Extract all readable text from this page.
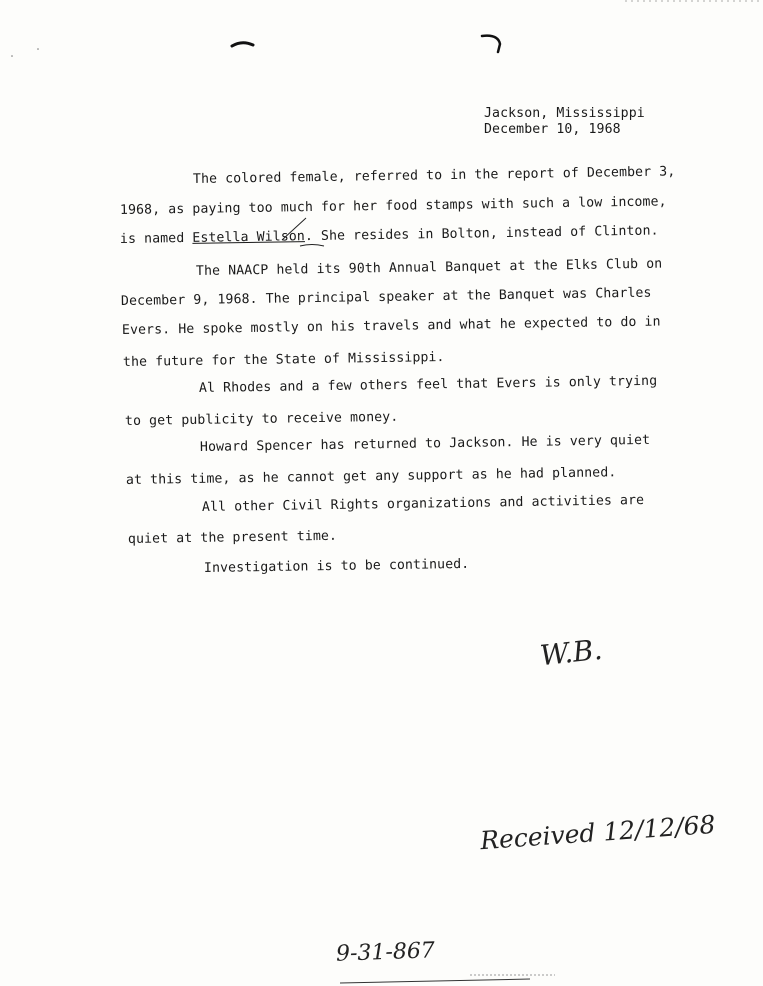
Jackson, Mississippi
December 10, 1968
The colored female, referred to in the report of December 3,
1968, as paying too much for her food stamps with such a low income,
is named Estella Wilson. She resides in Bolton, instead of Clinton.
The NAACP held its 90th Annual Banquet at the Elks Club on
December 9, 1968. The principal speaker at the Banquet was Charles
Evers. He spoke mostly on his travels and what he expected to do in
the future for the State of Mississippi.
Al Rhodes and a few others feel that Evers is only trying
to get publicity to receive money.
Howard Spencer has returned to Jackson. He is very quiet
at this time, as he cannot get any support as he had planned.
All other Civil Rights organizations and activities are
quiet at the present time.
Investigation is to be continued.
W.B.
Received 12/12/68
9-31-867
